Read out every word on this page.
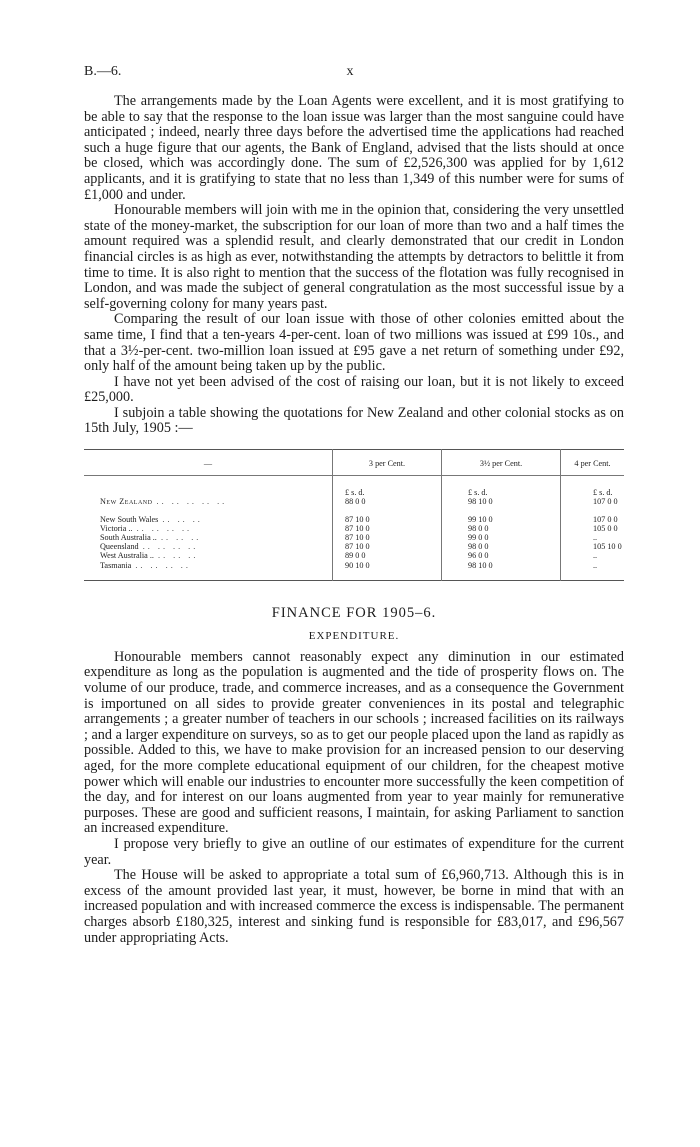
B.—6.	x

The arrangements made by the Loan Agents were excellent, and it is most gratifying to be able to say that the response to the loan issue was larger than the most sanguine could have anticipated ; indeed, nearly three days before the advertised time the applications had reached such a huge figure that our agents, the Bank of England, advised that the lists should at once be closed, which was accordingly done. The sum of £2,526,300 was applied for by 1,612 applicants, and it is gratifying to state that no less than 1,349 of this number were for sums of £1,000 and under.

Honourable members will join with me in the opinion that, considering the very unsettled state of the money-market, the subscription for our loan of more than two and a half times the amount required was a splendid result, and clearly demonstrated that our credit in London financial circles is as high as ever, notwithstanding the attempts by detractors to belittle it from time to time. It is also right to mention that the success of the flotation was fully recognised in London, and was made the subject of general congratulation as the most successful issue by a self-governing colony for many years past.

Comparing the result of our loan issue with those of other colonies emitted about the same time, I find that a ten-years 4-per-cent. loan of two millions was issued at £99 10s., and that a 3½-per-cent. two-million loan issued at £95 gave a net return of something under £92, only half of the amount being taken up by the public.

I have not yet been advised of the cost of raising our loan, but it is not likely to exceed £25,000.

I subjoin a table showing the quotations for New Zealand and other colonial stocks as on 15th July, 1905 :—

—	3 per Cent.	3½ per Cent.	4 per Cent.
	£ s. d.	£ s. d.	£ s. d.
New Zealand .. .. .. .. ..	88 0 0	98 10 0	107 0 0
New South Wales .. .. ..	87 10 0	99 10 0	107 0 0
Victoria .. .. .. .. ..	87 10 0	98 0 0	105 0 0
South Australia .. .. .. ..	87 10 0	99 0 0	..
Queensland .. .. .. ..	87 10 0	98 0 0	105 10 0
West Australia .. .. .. ..	89 0 0	96 0 0	..
Tasmania .. .. .. ..	90 10 0	98 10 0	..
FINANCE FOR 1905–6.
EXPENDITURE.

Honourable members cannot reasonably expect any diminution in our estimated expenditure as long as the population is augmented and the tide of prosperity flows on. The volume of our produce, trade, and commerce increases, and as a consequence the Government is importuned on all sides to provide greater conveniences in its postal and telegraphic arrangements ; a greater number of teachers in our schools ; increased facilities on its railways ; and a larger expenditure on surveys, so as to get our people placed upon the land as rapidly as possible. Added to this, we have to make provision for an increased pension to our deserving aged, for the more complete educational equipment of our children, for the cheapest motive power which will enable our industries to encounter more successfully the keen competition of the day, and for interest on our loans augmented from year to year mainly for remunerative purposes. These are good and sufficient reasons, I maintain, for asking Parliament to sanction an increased expenditure.

I propose very briefly to give an outline of our estimates of expenditure for the current year.

The House will be asked to appropriate a total sum of £6,960,713. Although this is in excess of the amount provided last year, it must, however, be borne in mind that with an increased population and with increased commerce the excess is indispensable. The permanent charges absorb £180,325, interest and sinking fund is responsible for £83,017, and £96,567 under appropriating Acts.
